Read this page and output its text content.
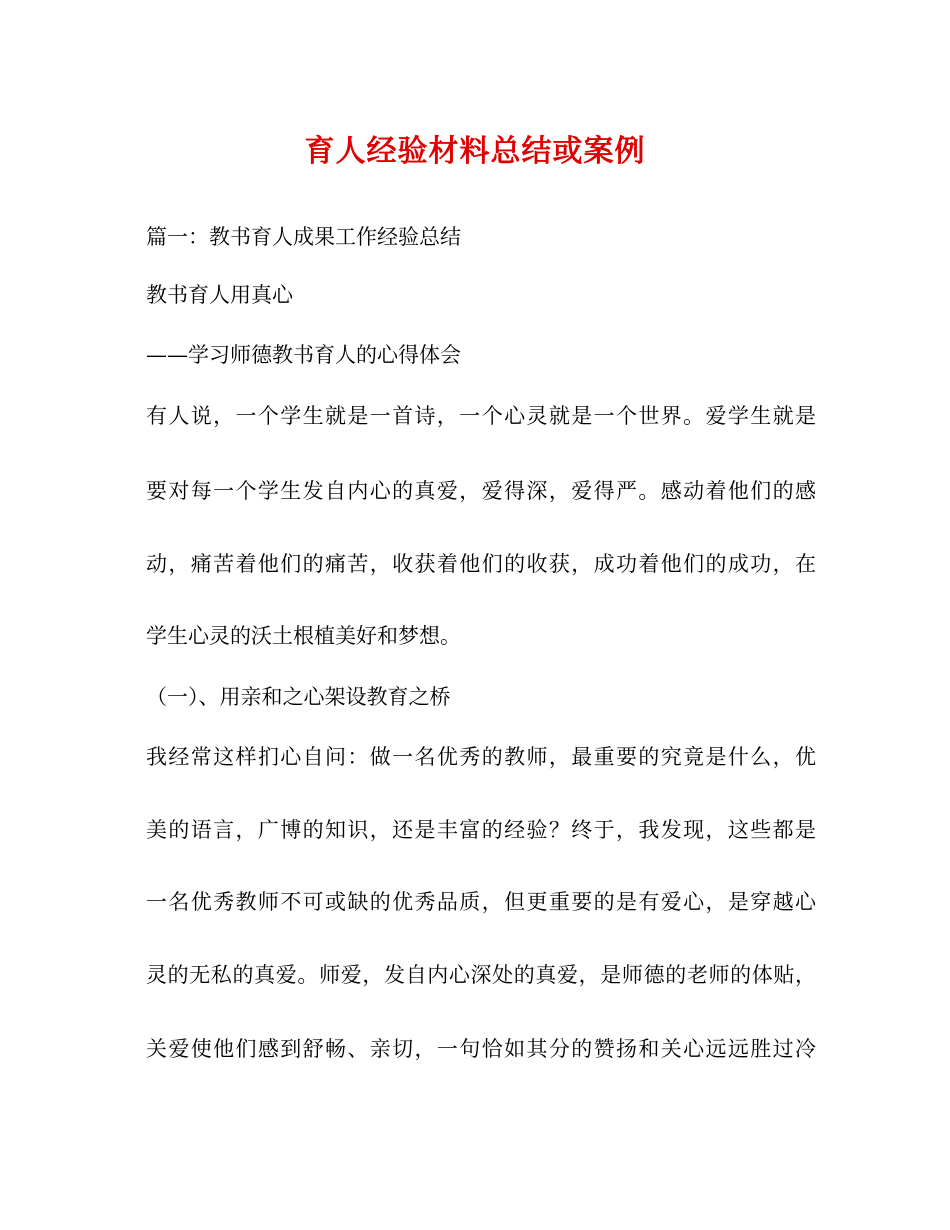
育人经验材料总结或案例
篇一：教书育人成果工作经验总结
教书育人用真心
——学习师德教书育人的心得体会
有人说，一个学生就是一首诗，一个心灵就是一个世界。爱学生就是
要对每一个学生发自内心的真爱，爱得深，爱得严。感动着他们的感
动，痛苦着他们的痛苦，收获着他们的收获，成功着他们的成功，在
学生心灵的沃土根植美好和梦想。
（一）、用亲和之心架设教育之桥
我经常这样扪心自问：做一名优秀的教师，最重要的究竟是什么，优
美的语言，广博的知识，还是丰富的经验？终于，我发现，这些都是
一名优秀教师不可或缺的优秀品质，但更重要的是有爱心，是穿越心
灵的无私的真爱。师爱，发自内心深处的真爱，是师德的老师的体贴，
关爱使他们感到舒畅、亲切，一句恰如其分的赞扬和关心远远胜过冷
